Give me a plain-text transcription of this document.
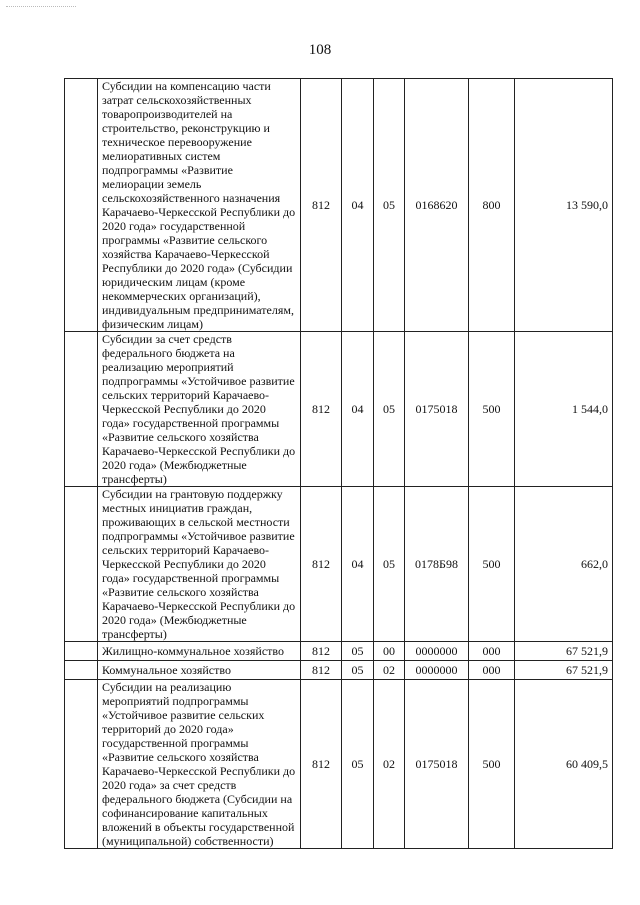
108
	Субсидии на компенсацию части затрат сельскохозяйственных товаропроизводителей на строительство, реконструкцию и техническое перевооружение мелиоративных систем подпрограммы «Развитие мелиорации земель сельскохозяйственного назначения Карачаево-Черкесской Республики до 2020 года» государственной программы «Развитие сельского хозяйства Карачаево-Черкесской Республики до 2020 года» (Субсидии юридическим лицам (кроме некоммерческих организаций), индивидуальным предпринимателям, физическим лицам)	812	04	05	0168620	800	13 590,0
	Субсидии за счет средств федерального бюджета на реализацию мероприятий подпрограммы «Устойчивое развитие сельских территорий Карачаево-Черкесской Республики до 2020 года» государственной программы «Развитие сельского хозяйства Карачаево-Черкесской Республики до 2020 года» (Межбюджетные трансферты)	812	04	05	0175018	500	1 544,0
	Субсидии на грантовую поддержку местных инициатив граждан, проживающих в сельской местности подпрограммы «Устойчивое развитие сельских территорий Карачаево-Черкесской Республики до 2020 года» государственной программы «Развитие сельского хозяйства Карачаево-Черкесской Республики до 2020 года» (Межбюджетные трансферты)	812	04	05	0178Б98	500	662,0
	Жилищно-коммунальное хозяйство	812	05	00	0000000	000	67 521,9
	Коммунальное хозяйство	812	05	02	0000000	000	67 521,9
	Субсидии на реализацию мероприятий подпрограммы «Устойчивое развитие сельских территорий до 2020 года» государственной программы «Развитие сельского хозяйства Карачаево-Черкесской Республики до 2020 года» за счет средств федерального бюджета (Субсидии на софинансирование капитальных вложений в объекты государственной (муниципальной) собственности)	812	05	02	0175018	500	60 409,5
